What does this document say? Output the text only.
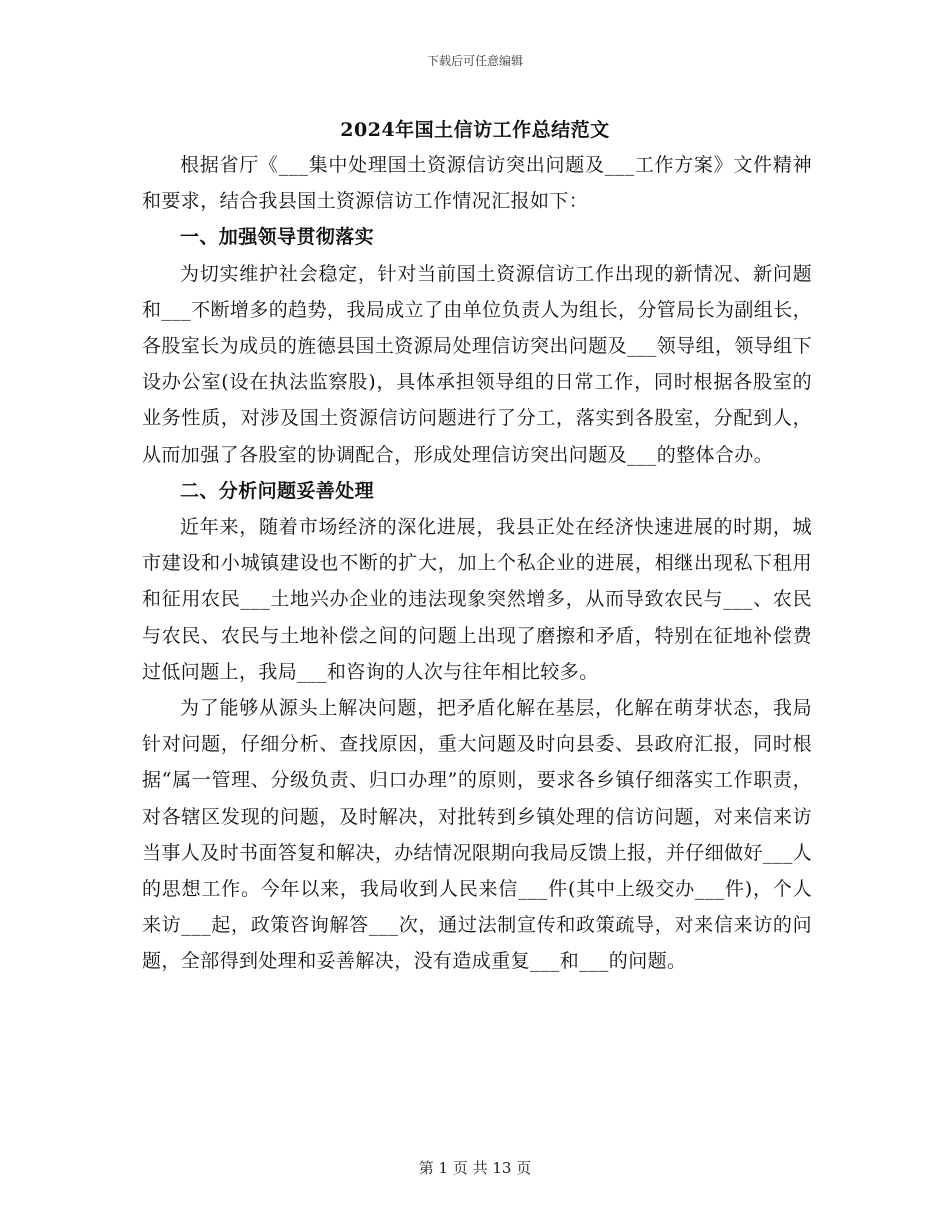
下载后可任意编辑
2024年国土信访工作总结范文

根据省厅《___集中处理国土资源信访突出问题及___工作方案》文件精神和要求，结合我县国土资源信访工作情况汇报如下：

一、加强领导贯彻落实

为切实维护社会稳定，针对当前国土资源信访工作出现的新情况、新问题和___不断增多的趋势，我局成立了由单位负责人为组长，分管局长为副组长，各股室长为成员的旌德县国土资源局处理信访突出问题及___领导组，领导组下设办公室(设在执法监察股)，具体承担领导组的日常工作，同时根据各股室的业务性质，对涉及国土资源信访问题进行了分工，落实到各股室，分配到人，从而加强了各股室的协调配合，形成处理信访突出问题及___的整体合办。

二、分析问题妥善处理

近年来，随着市场经济的深化进展，我县正处在经济快速进展的时期，城市建设和小城镇建设也不断的扩大，加上个私企业的进展，相继出现私下租用和征用农民___土地兴办企业的违法现象突然增多，从而导致农民与___、农民与农民、农民与土地补偿之间的问题上出现了磨擦和矛盾，特别在征地补偿费过低问题上，我局___和咨询的人次与往年相比较多。

为了能够从源头上解决问题，把矛盾化解在基层，化解在萌芽状态，我局针对问题，仔细分析、查找原因，重大问题及时向县委、县政府汇报，同时根据“属一管理、分级负责、归口办理”的原则，要求各乡镇仔细落实工作职责，对各辖区发现的问题，及时解决，对批转到乡镇处理的信访问题，对来信来访当事人及时书面答复和解决，办结情况限期向我局反馈上报，并仔细做好___人的思想工作。今年以来，我局收到人民来信___件(其中上级交办___件)，个人来访___起，政策咨询解答___次，通过法制宣传和政策疏导，对来信来访的问题，全部得到处理和妥善解决，没有造成重复___和___的问题。

第 1 页 共 13 页
